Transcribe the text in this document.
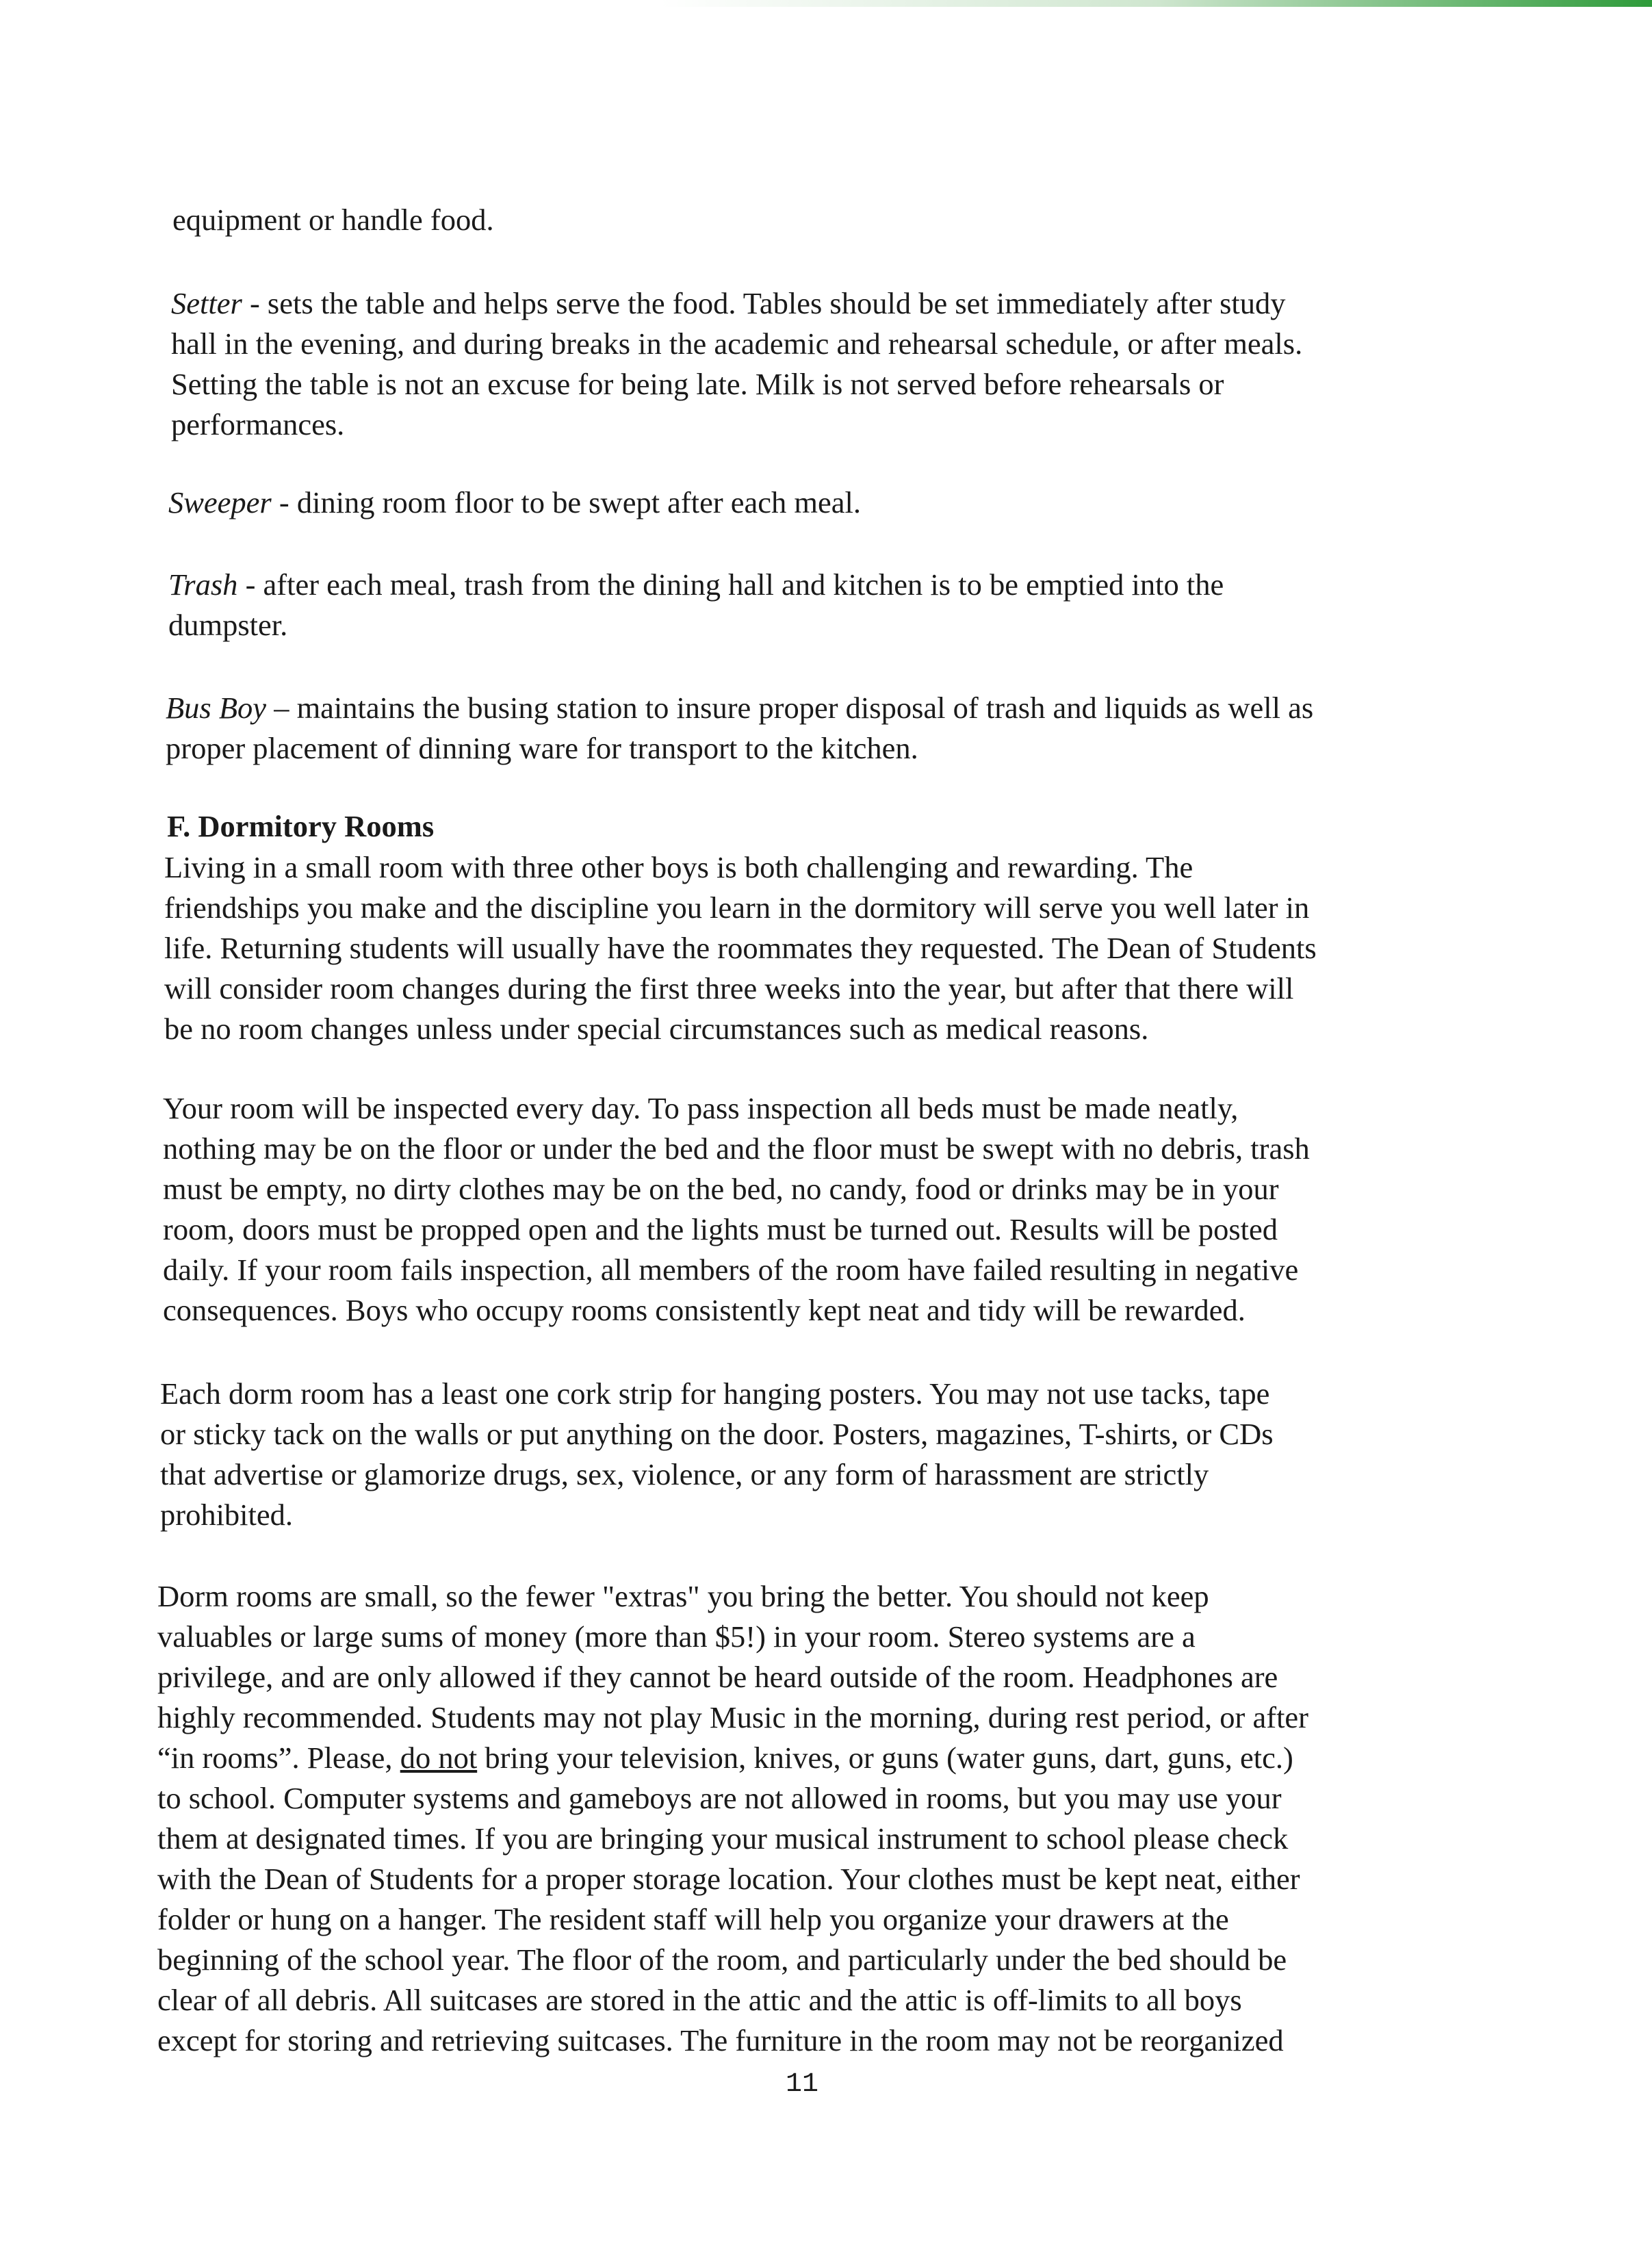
equipment or handle food.
Setter - sets the table and helps serve the food. Tables should be set immediately after study
hall in the evening, and during breaks in the academic and rehearsal schedule, or after meals.
Setting the table is not an excuse for being late. Milk is not served before rehearsals or
performances.
Sweeper - dining room floor to be swept after each meal.
Trash - after each meal, trash from the dining hall and kitchen is to be emptied into the
dumpster.
Bus Boy – maintains the busing station to insure proper disposal of trash and liquids as well as
proper placement of dinning ware for transport to the kitchen.
F. Dormitory Rooms
Living in a small room with three other boys is both challenging and rewarding. The
friendships you make and the discipline you learn in the dormitory will serve you well later in
life. Returning students will usually have the roommates they requested. The Dean of Students
will consider room changes during the first three weeks into the year, but after that there will
be no room changes unless under special circumstances such as medical reasons.
Your room will be inspected every day. To pass inspection all beds must be made neatly,
nothing may be on the floor or under the bed and the floor must be swept with no debris, trash
must be empty, no dirty clothes may be on the bed, no candy, food or drinks may be in your
room, doors must be propped open and the lights must be turned out. Results will be posted
daily. If your room fails inspection, all members of the room have failed resulting in negative
consequences. Boys who occupy rooms consistently kept neat and tidy will be rewarded.
Each dorm room has a least one cork strip for hanging posters. You may not use tacks, tape
or sticky tack on the walls or put anything on the door. Posters, magazines, T-shirts, or CDs
that advertise or glamorize drugs, sex, violence, or any form of harassment are strictly
prohibited.
Dorm rooms are small, so the fewer "extras" you bring the better. You should not keep
valuables or large sums of money (more than $5!) in your room. Stereo systems are a
privilege, and are only allowed if they cannot be heard outside of the room. Headphones are
highly recommended. Students may not play Music in the morning, during rest period, or after
“in rooms”. Please, do not bring your television, knives, or guns (water guns, dart, guns, etc.)
to school. Computer systems and gameboys are not allowed in rooms, but you may use your
them at designated times. If you are bringing your musical instrument to school please check
with the Dean of Students for a proper storage location. Your clothes must be kept neat, either
folder or hung on a hanger. The resident staff will help you organize your drawers at the
beginning of the school year. The floor of the room, and particularly under the bed should be
clear of all debris. All suitcases are stored in the attic and the attic is off-limits to all boys
except for storing and retrieving suitcases. The furniture in the room may not be reorganized
11
